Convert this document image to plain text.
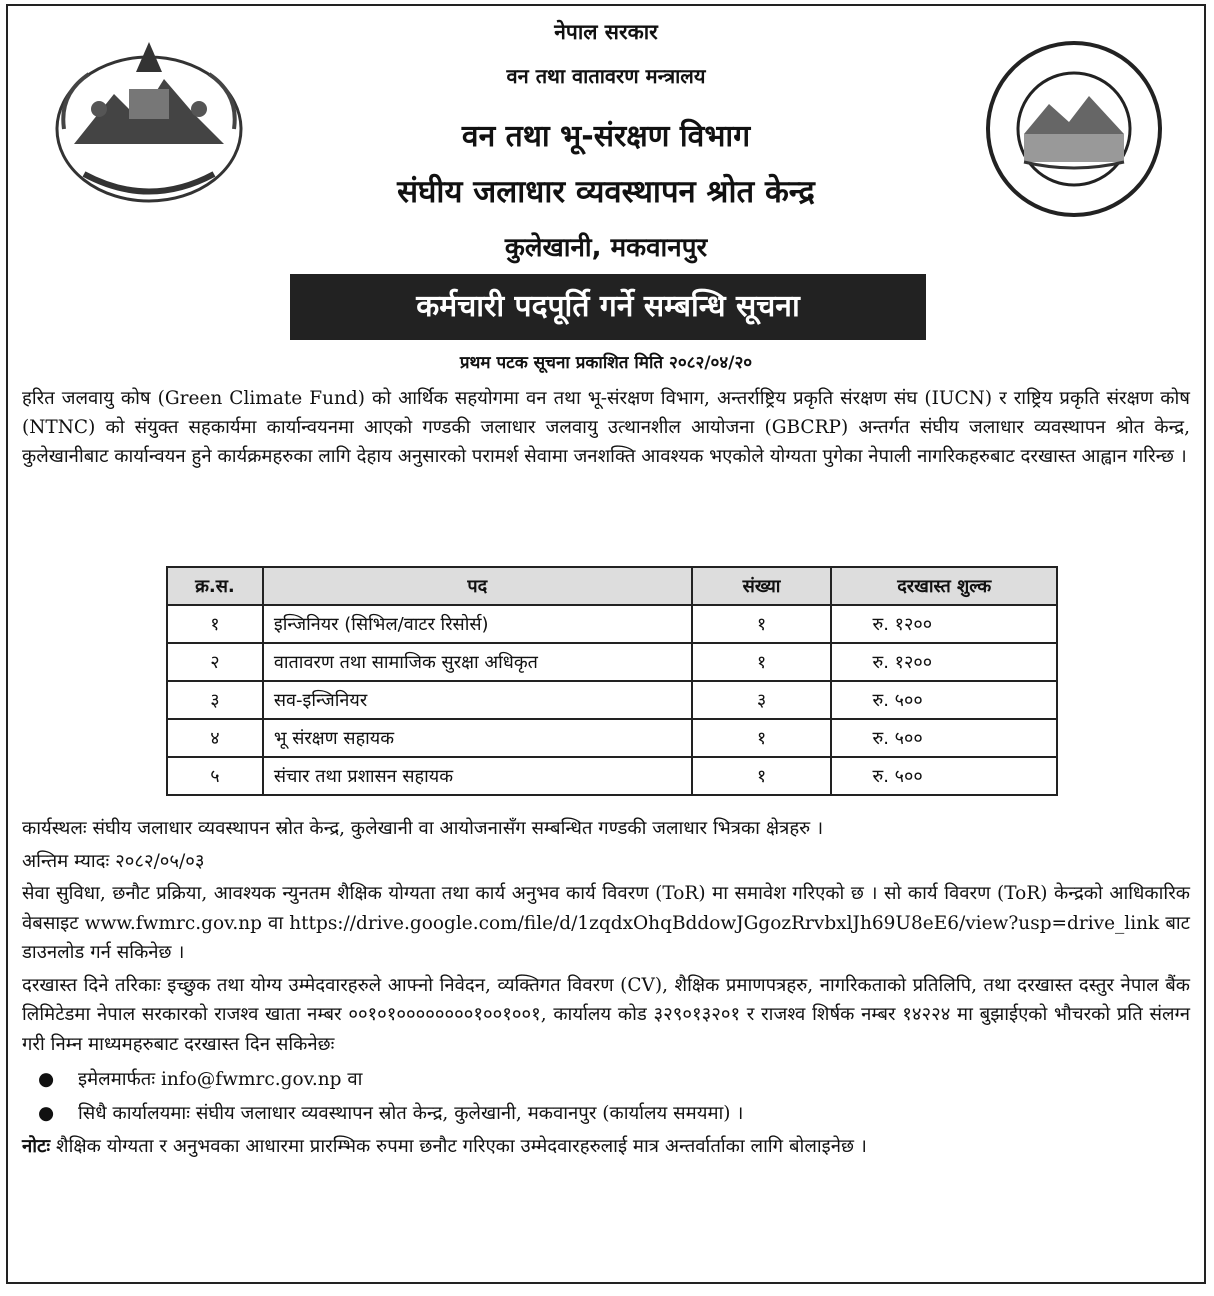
नेपाल सरकार
वन तथा वातावरण मन्त्रालय
वन तथा भू-संरक्षण विभाग
संघीय जलाधार व्यवस्थापन श्रोत केन्द्र
कुलेखानी, मकवानपुर
कर्मचारी पदपूर्ति गर्ने सम्बन्धि सूचना
प्रथम पटक सूचना प्रकाशित मिति २०८२/०४/२०
हरित जलवायु कोष (Green Climate Fund) को आर्थिक सहयोगमा वन तथा भू-संरक्षण विभाग, अन्तर्राष्ट्रिय प्रकृति संरक्षण संघ (IUCN) र राष्ट्रिय प्रकृति संरक्षण कोष (NTNC) को संयुक्त सहकार्यमा कार्यान्वयनमा आएको गण्डकी जलाधार जलवायु उत्थानशील आयोजना (GBCRP) अन्तर्गत संघीय जलाधार व्यवस्थापन श्रोत केन्द्र, कुलेखानीबाट कार्यान्वयन हुने कार्यक्रमहरुका लागि देहाय अनुसारको परामर्श सेवामा जनशक्ति आवश्यक भएकोले योग्यता पुगेका नेपाली नागरिकहरुबाट दरखास्त आह्वान गरिन्छ ।
क्र.स.	पद	संख्या	दरखास्त शुल्क
१	इन्जिनियर (सिभिल/वाटर रिसोर्स)	१	रु. १२००
२	वातावरण तथा सामाजिक सुरक्षा अधिकृत	१	रु. १२००
३	सव-इन्जिनियर	३	रु. ५००
४	भू संरक्षण सहायक	१	रु. ५००
५	संचार तथा प्रशासन सहायक	१	रु. ५००

कार्यस्थलः संघीय जलाधार व्यवस्थापन स्रोत केन्द्र, कुलेखानी वा आयोजनासँग सम्बन्धित गण्डकी जलाधार भित्रका क्षेत्रहरु ।

अन्तिम म्यादः २०८२/०५/०३

सेवा सुविधा, छनौट प्रक्रिया, आवश्यक न्युनतम शैक्षिक योग्यता तथा कार्य अनुभव कार्य विवरण (ToR) मा समावेश गरिएको छ । सो कार्य विवरण (ToR) केन्द्रको आधिकारिक वेबसाइट www.fwmrc.gov.np वा https://drive.google.com/file/d/1zqdxOhqBddowJGgozRrvbxlJh69U8eE6/view?usp=drive_link बाट डाउनलोड गर्न सकिनेछ ।

दरखास्त दिने तरिकाः इच्छुक तथा योग्य उम्मेदवारहरुले आफ्नो निवेदन, व्यक्तिगत विवरण (CV), शैक्षिक प्रमाणपत्रहरु, नागरिकताको प्रतिलिपि, तथा दरखास्त दस्तुर नेपाल बैंक लिमिटेडमा नेपाल सरकारको राजश्व खाता नम्बर ००१०१००००००००१००१००१, कार्यालय कोड ३२९०१३२०१ र राजश्व शिर्षक नम्बर १४२२४ मा बुझाईएको भौचरको प्रति संलग्न गरी निम्न माध्यमहरुबाट दरखास्त दिन सकिनेछः

● इमेलमार्फतः info@fwmrc.gov.np वा
● सिधै कार्यालयमाः संघीय जलाधार व्यवस्थापन स्रोत केन्द्र, कुलेखानी, मकवानपुर (कार्यालय समयमा) ।

नोटः शैक्षिक योग्यता र अनुभवका आधारमा प्रारम्भिक रुपमा छनौट गरिएका उम्मेदवारहरुलाई मात्र अन्तर्वार्ताका लागि बोलाइनेछ ।
